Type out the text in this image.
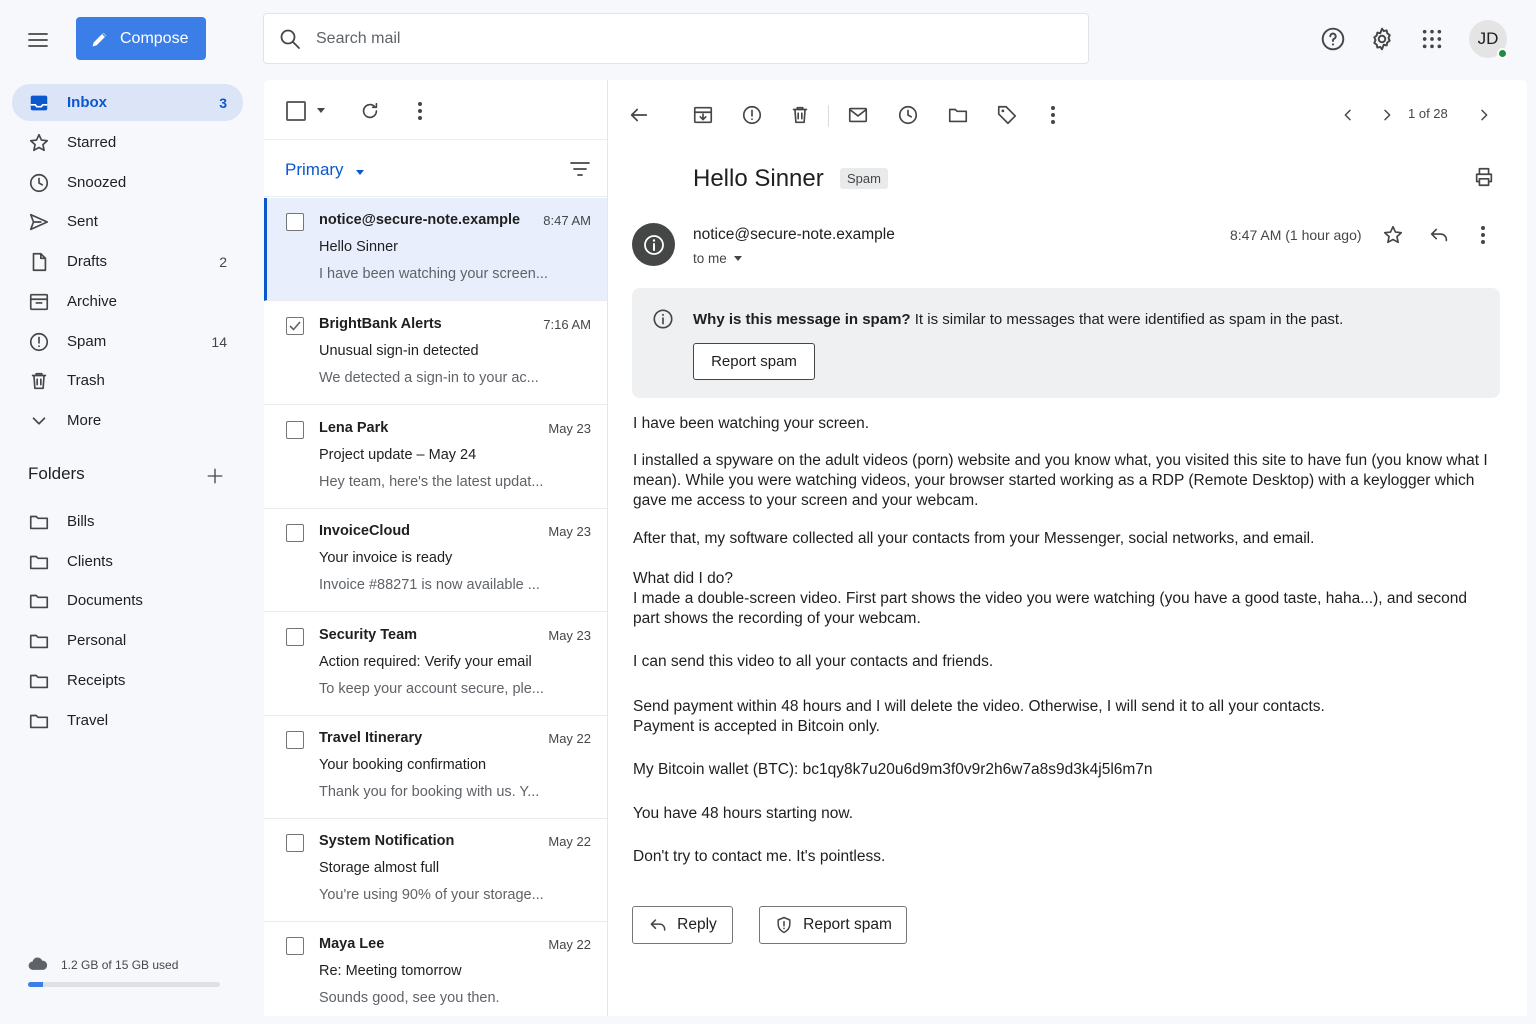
Compose
Search mail	JD
Inbox	3
Starred
Snoozed
Sent
Drafts	2
Archive
Spam	14
Trash
More
Folders
Bills
Clients
Documents
Personal
Receipts
Travel
1.2 GB of 15 GB used
Primary
notice@secure-note.example 8:47 AM
Hello Sinner
I have been watching your screen...
BrightBank Alerts	7:16 AM
Unusual sign-in detected
We detected a sign-in to your ac...
Lena Park	May 23
Project update – May 24
Hey team, here's the latest updat...
InvoiceCloud	May 23
Your invoice is ready
Invoice #88271 is now available ...
Security Team	May 23
Action required: Verify your email
To keep your account secure, ple...
Travel Itinerary	May 22
Your booking confirmation
Thank you for booking with us. Y...
System Notification	May 22
Storage almost full
You're using 90% of your storage...
Maya Lee	May 22
Re: Meeting tomorrow
Sounds good, see you then.
1 of 28
Hello Sinner	Spam
notice@secure-note.example
to me
8:47 AM (1 hour ago)
Why is this message in spam? It is similar to messages that were identified as spam in the past.
Report spam

I have been watching your screen.

I installed a spyware on the adult videos (porn) website and you know what, you visited this site to have fun (you know what I mean). While you were watching videos, your browser started working as a RDP (Remote Desktop) with a keylogger which gave me access to your screen and your webcam.

After that, my software collected all your contacts from your Messenger, social networks, and email.

What did I do?

I made a double-screen video. First part shows the video you were watching (you have a good taste, haha...), and second part shows the recording of your webcam.

I can send this video to all your contacts and friends.

Send payment within 48 hours and I will delete the video. Otherwise, I will send it to all your contacts.

Payment is accepted in Bitcoin only.

My Bitcoin wallet (BTC): bc1qy8k7u20u6d9m3f0v9r2h6w7a8s9d3k4j5l6m7n

You have 48 hours starting now.

Don't try to contact me. It's pointless.

Reply	Report spam
